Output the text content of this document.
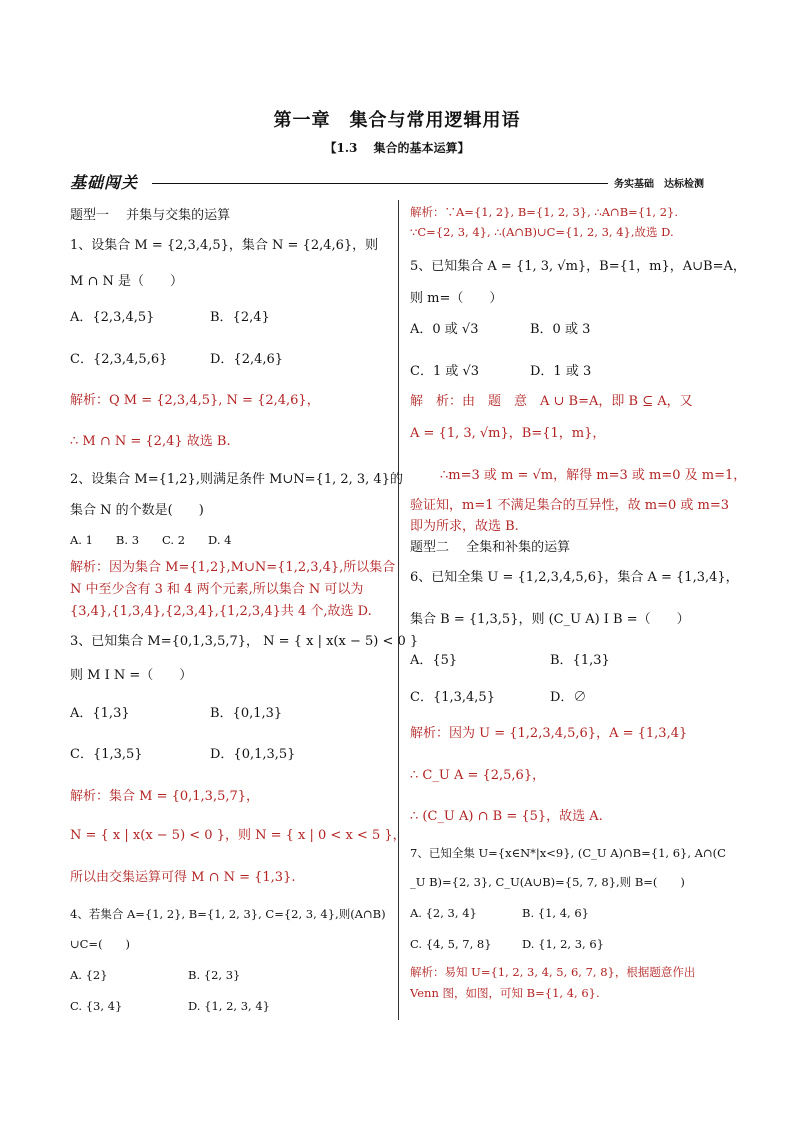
第一章　集合与常用逻辑用语
【1.3　 集合的基本运算】
基础闯关	务实基础　达标检测
题型一　 并集与交集的运算
1、设集合 M = {2,3,4,5}，集合 N = {2,4,6}，则
M ∩ N 是（　　）
A．{2,3,4,5}	B．{2,4}
C．{2,3,4,5,6}	D．{2,4,6}
解析：Q M = {2,3,4,5}, N = {2,4,6}，
∴ M ∩ N = {2,4} 故选 B.
2、设集合 M={1,2},则满足条件 M∪N={1, 2, 3, 4}的
集合 N 的个数是(　　)
A. 1　　B. 3　　C. 2　　D. 4
解析：因为集合 M={1,2},M∪N={1,2,3,4},所以集合
N 中至少含有 3 和 4 两个元素,所以集合 N 可以为
{3,4},{1,3,4},{2,3,4},{1,2,3,4}共 4 个,故选 D.
3、已知集合 M={0,1,3,5,7}， N = { x | x(x − 5) < 0 }
则 M I N =（　　）
A．{1,3}	B．{0,1,3}
C．{1,3,5}	D．{0,1,3,5}
解析：集合 M = {0,1,3,5,7}，
N = { x | x(x − 5) < 0 }，则 N = { x | 0 < x < 5 }，
所以由交集运算可得 M ∩ N = {1,3}.
4、若集合 A={1, 2}, B={1, 2, 3}, C={2, 3, 4},则(A∩B)
∪C=(　　)
A. {2}	B. {2, 3}
C. {3, 4}	D. {1, 2, 3, 4}
解析：∵A={1, 2}, B={1, 2, 3}, ∴A∩B={1, 2}.
∵C={2, 3, 4}, ∴(A∩B)∪C={1, 2, 3, 4},故选 D.
5、已知集合 A = {1, 3, √m}，B={1，m}，A∪B=A，
则 m=（　　）
A．0 或 √3	B．0 或 3
C．1 或 √3	D．1 或 3
解　析：由　题　意　A ∪ B=A，即 B ⊆ A，又
A = {1, 3, √m}，B={1，m}，
∴m=3 或 m = √m，解得 m=3 或 m=0 及 m=1，
验证知，m=1 不满足集合的互异性，故 m=0 或 m=3
即为所求，故选 B.
题型二　 全集和补集的运算
6、已知全集 U = {1,2,3,4,5,6}，集合 A = {1,3,4}，
集合 B = {1,3,5}，则 (C_U A) I B =（　　）
A．{5}	B．{1,3}
C．{1,3,4,5}	D．∅
解析：因为 U = {1,2,3,4,5,6}，A = {1,3,4}
∴ C_U A = {2,5,6}，
∴ (C_U A) ∩ B = {5}，故选 A.
7、已知全集 U={x∈N*|x<9}, (C_U A)∩B={1, 6}, A∩(C
_U B)={2, 3}, C_U(A∪B)={5, 7, 8},则 B=(　　)
A. {2, 3, 4}	B. {1, 4, 6}
C. {4, 5, 7, 8}	D. {1, 2, 3, 6}
解析：易知 U={1, 2, 3, 4, 5, 6, 7, 8}，根据题意作出
Venn 图，如图，可知 B={1, 4, 6}.
